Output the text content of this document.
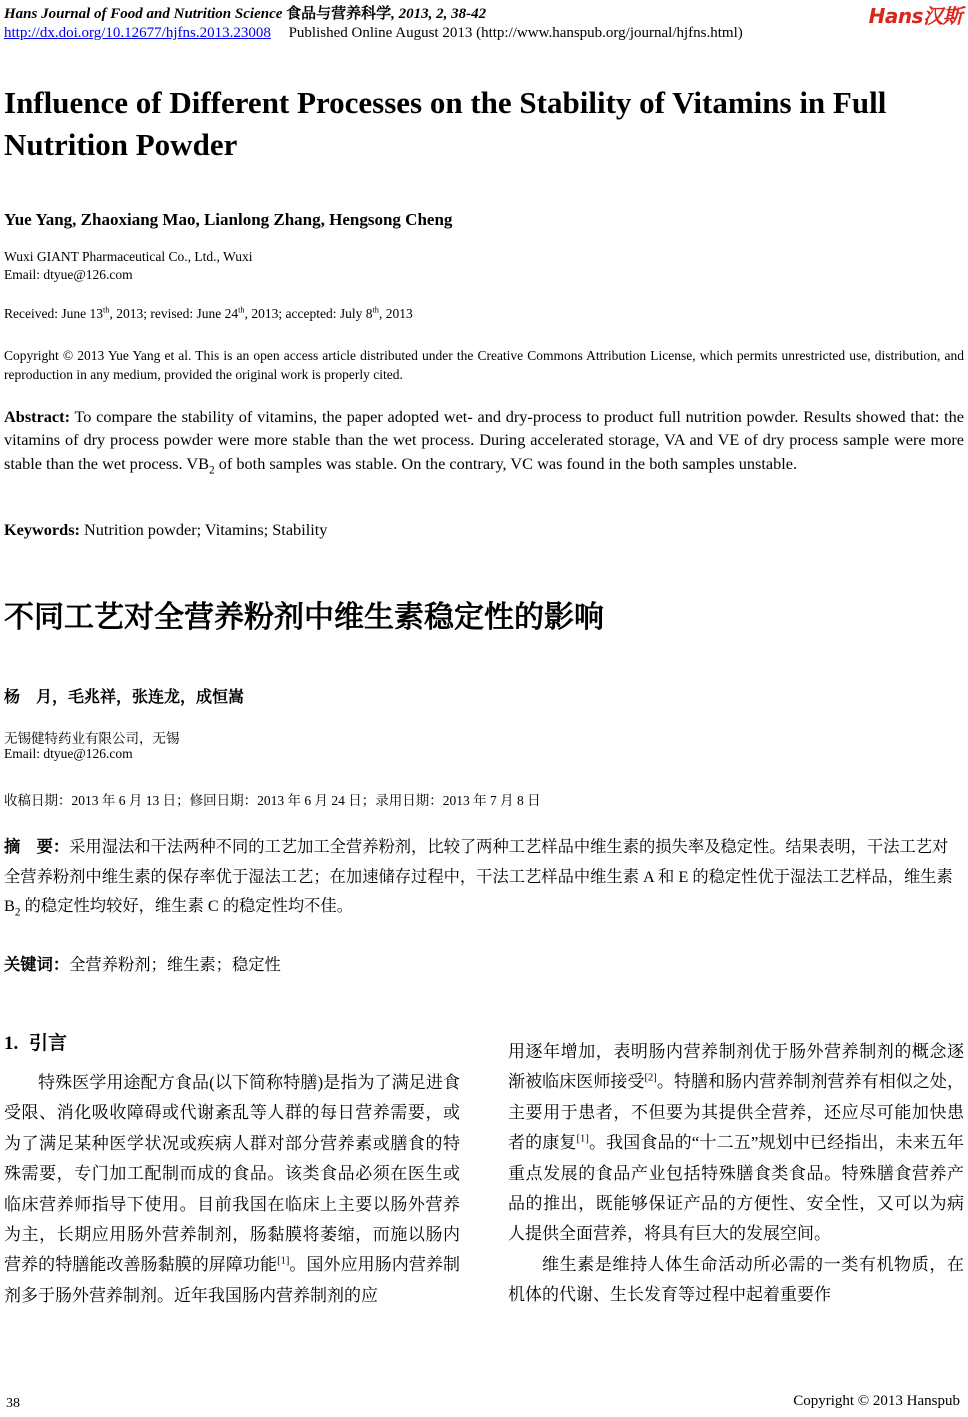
Hans Journal of Food and Nutrition Science 食品与营养科学, 2013, 2, 38-42	Hans汉斯
http://dx.doi.org/10.12677/hjfns.2013.23008 Published Online August 2013 (http://www.hanspub.org/journal/hjfns.html)
Influence of Different Processes on the Stability of Vitamins in Full Nutrition Powder
Yue Yang, Zhaoxiang Mao, Lianlong Zhang, Hengsong Cheng
Wuxi GIANT Pharmaceutical Co., Ltd., Wuxi
Email: dtyue@126.com
Received: June 13th, 2013; revised: June 24th, 2013; accepted: July 8th, 2013
Copyright © 2013 Yue Yang et al. This is an open access article distributed under the Creative Commons Attribution License, which permits unrestricted use, distribution, and reproduction in any medium, provided the original work is properly cited.
Abstract: To compare the stability of vitamins, the paper adopted wet- and dry-process to product full nutrition powder. Results showed that: the vitamins of dry process powder were more stable than the wet process. During accelerated storage, VA and VE of dry process sample were more stable than the wet process. $VB_2$ of both samples was stable. On the contrary, VC was found in the both samples unstable.
Keywords: Nutrition powder; Vitamins; Stability
不同工艺对全营养粉剂中维生素稳定性的影响
杨　月，毛兆祥，张连龙，成恒嵩
无锡健特药业有限公司，无锡
Email: dtyue@126.com
收稿日期：2013 年 6 月 13 日；修回日期：2013 年 6 月 24 日；录用日期：2013 年 7 月 8 日
摘　要：采用湿法和干法两种不同的工艺加工全营养粉剂，比较了两种工艺样品中维生素的损失率及稳定性。结果表明，干法工艺对全营养粉剂中维生素的保存率优于湿法工艺；在加速储存过程中，干法工艺样品中维生素 A 和 E 的稳定性优于湿法工艺样品，维生素 $B_2$ 的稳定性均较好，维生素 C 的稳定性均不佳。
关键词：全营养粉剂；维生素；稳定性
1. 引言

特殊医学用途配方食品(以下简称特膳)是指为了满足进食受限、消化吸收障碍或代谢紊乱等人群的每日营养需要，或为了满足某种医学状况或疾病人群对部分营养素或膳食的特殊需要，专门加工配制而成的食品。该类食品必须在医生或临床营养师指导下使用。目前我国在临床上主要以肠外营养为主，长期应用肠外营养制剂，肠黏膜将萎缩，而施以肠内营养的特膳能改善肠黏膜的屏障功能[1]。国外应用肠内营养制剂多于肠外营养制剂。近年我国肠内营养制剂的应

用逐年增加，表明肠内营养制剂优于肠外营养制剂的概念逐渐被临床医师接受[2]。特膳和肠内营养制剂营养有相似之处，主要用于患者，不但要为其提供全营养，还应尽可能加快患者的康复[1]。我国食品的“十二五”规划中已经指出，未来五年重点发展的食品产业包括特殊膳食类食品。特殊膳食营养产品的推出，既能够保证产品的方便性、安全性，又可以为病人提供全面营养，将具有巨大的发展空间。

维生素是维持人体生命活动所必需的一类有机物质，在机体的代谢、生长发育等过程中起着重要作

38	Copyright © 2013 Hanspub
